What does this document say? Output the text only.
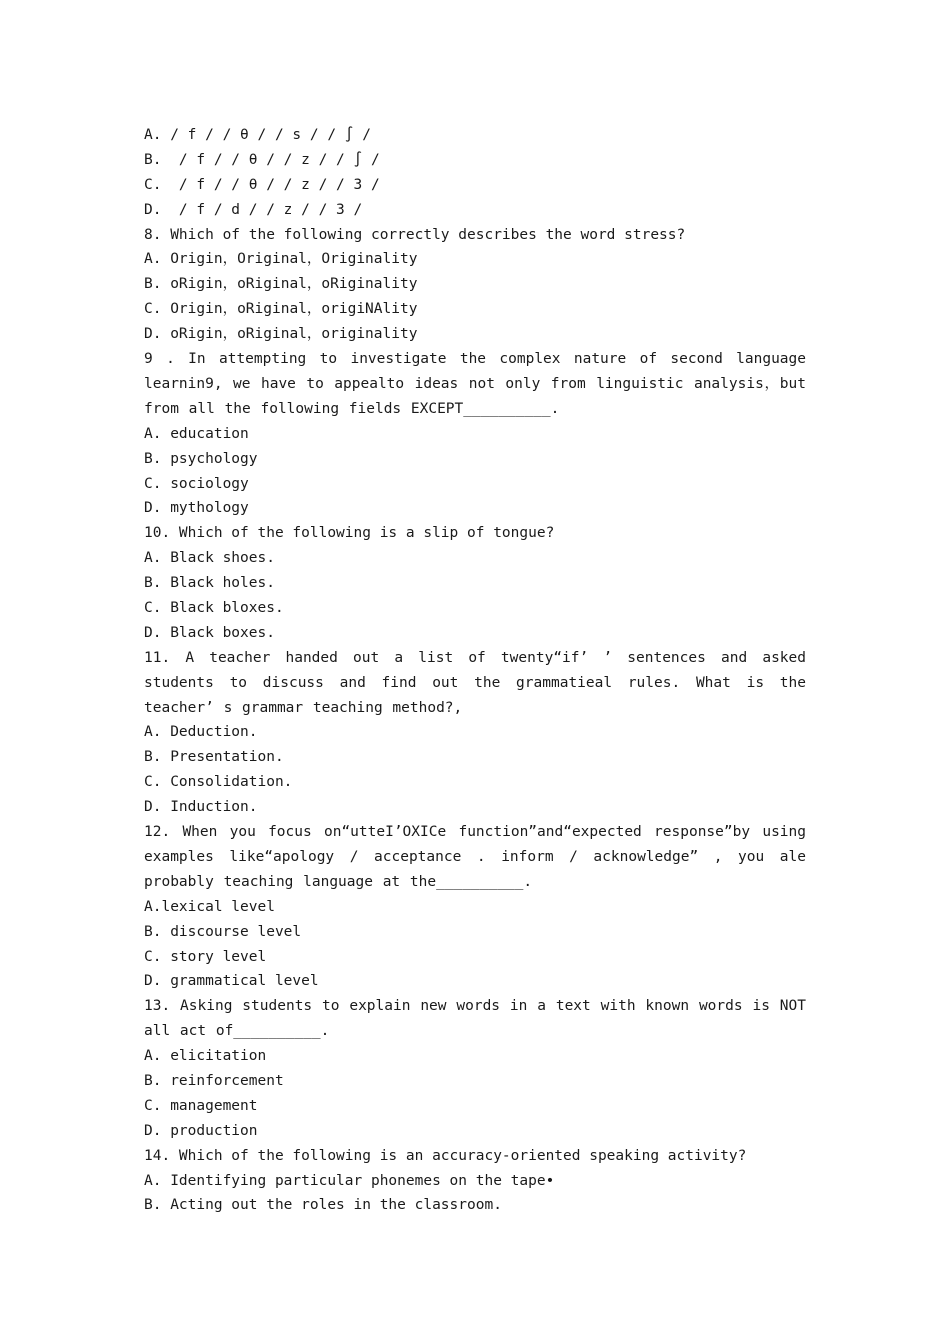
A. / f / / θ / / s / / ∫ /
B.  / f / / θ / / z / / ∫ /
C.  / f / / θ / / z / / 3 /
D.  / f / d / / z / / 3 /
8. Which of the following correctly describes the word stress?
A. Origin，Original，Originality
B. oRigin，oRiginal，oRiginality
C. Origin，oRiginal，origiNAlity
D. oRigin，oRiginal，originality
9 . In attempting to investigate the complex nature of second language learnin9, we have to appealto ideas not only from linguistic analysis，but from all the following fields EXCEPT__________.
A. education
B. psychology
C. sociology
D. mythology
10. Which of the following is a slip of tongue?
A. Black shoes.
B. Black holes.
C. Black bloxes.
D. Black boxes.
11. A teacher handed out a list of twenty“if’ ’ sentences and asked students to discuss and find out the grammatieal rules. What is the teacher’ s grammar teaching method?,
A. Deduction.
B. Presentation.
C. Consolidation.
D. Induction.
12. When you focus on“utteI’OXICe function”and“expected response”by using examples like“apology / acceptance . inform / acknowledge” , you ale probably teaching language at the__________.
A.lexical level
B. discourse level
C. story level
D. grammatical level
13. Asking students to explain new words in a text with known words is NOT all act of__________.
A. elicitation
B. reinforcement
C. management
D. production
14. Which of the following is an accuracy-oriented speaking activity?
A. Identifying particular phonemes on the tape•
B. Acting out the roles in the classroom.
